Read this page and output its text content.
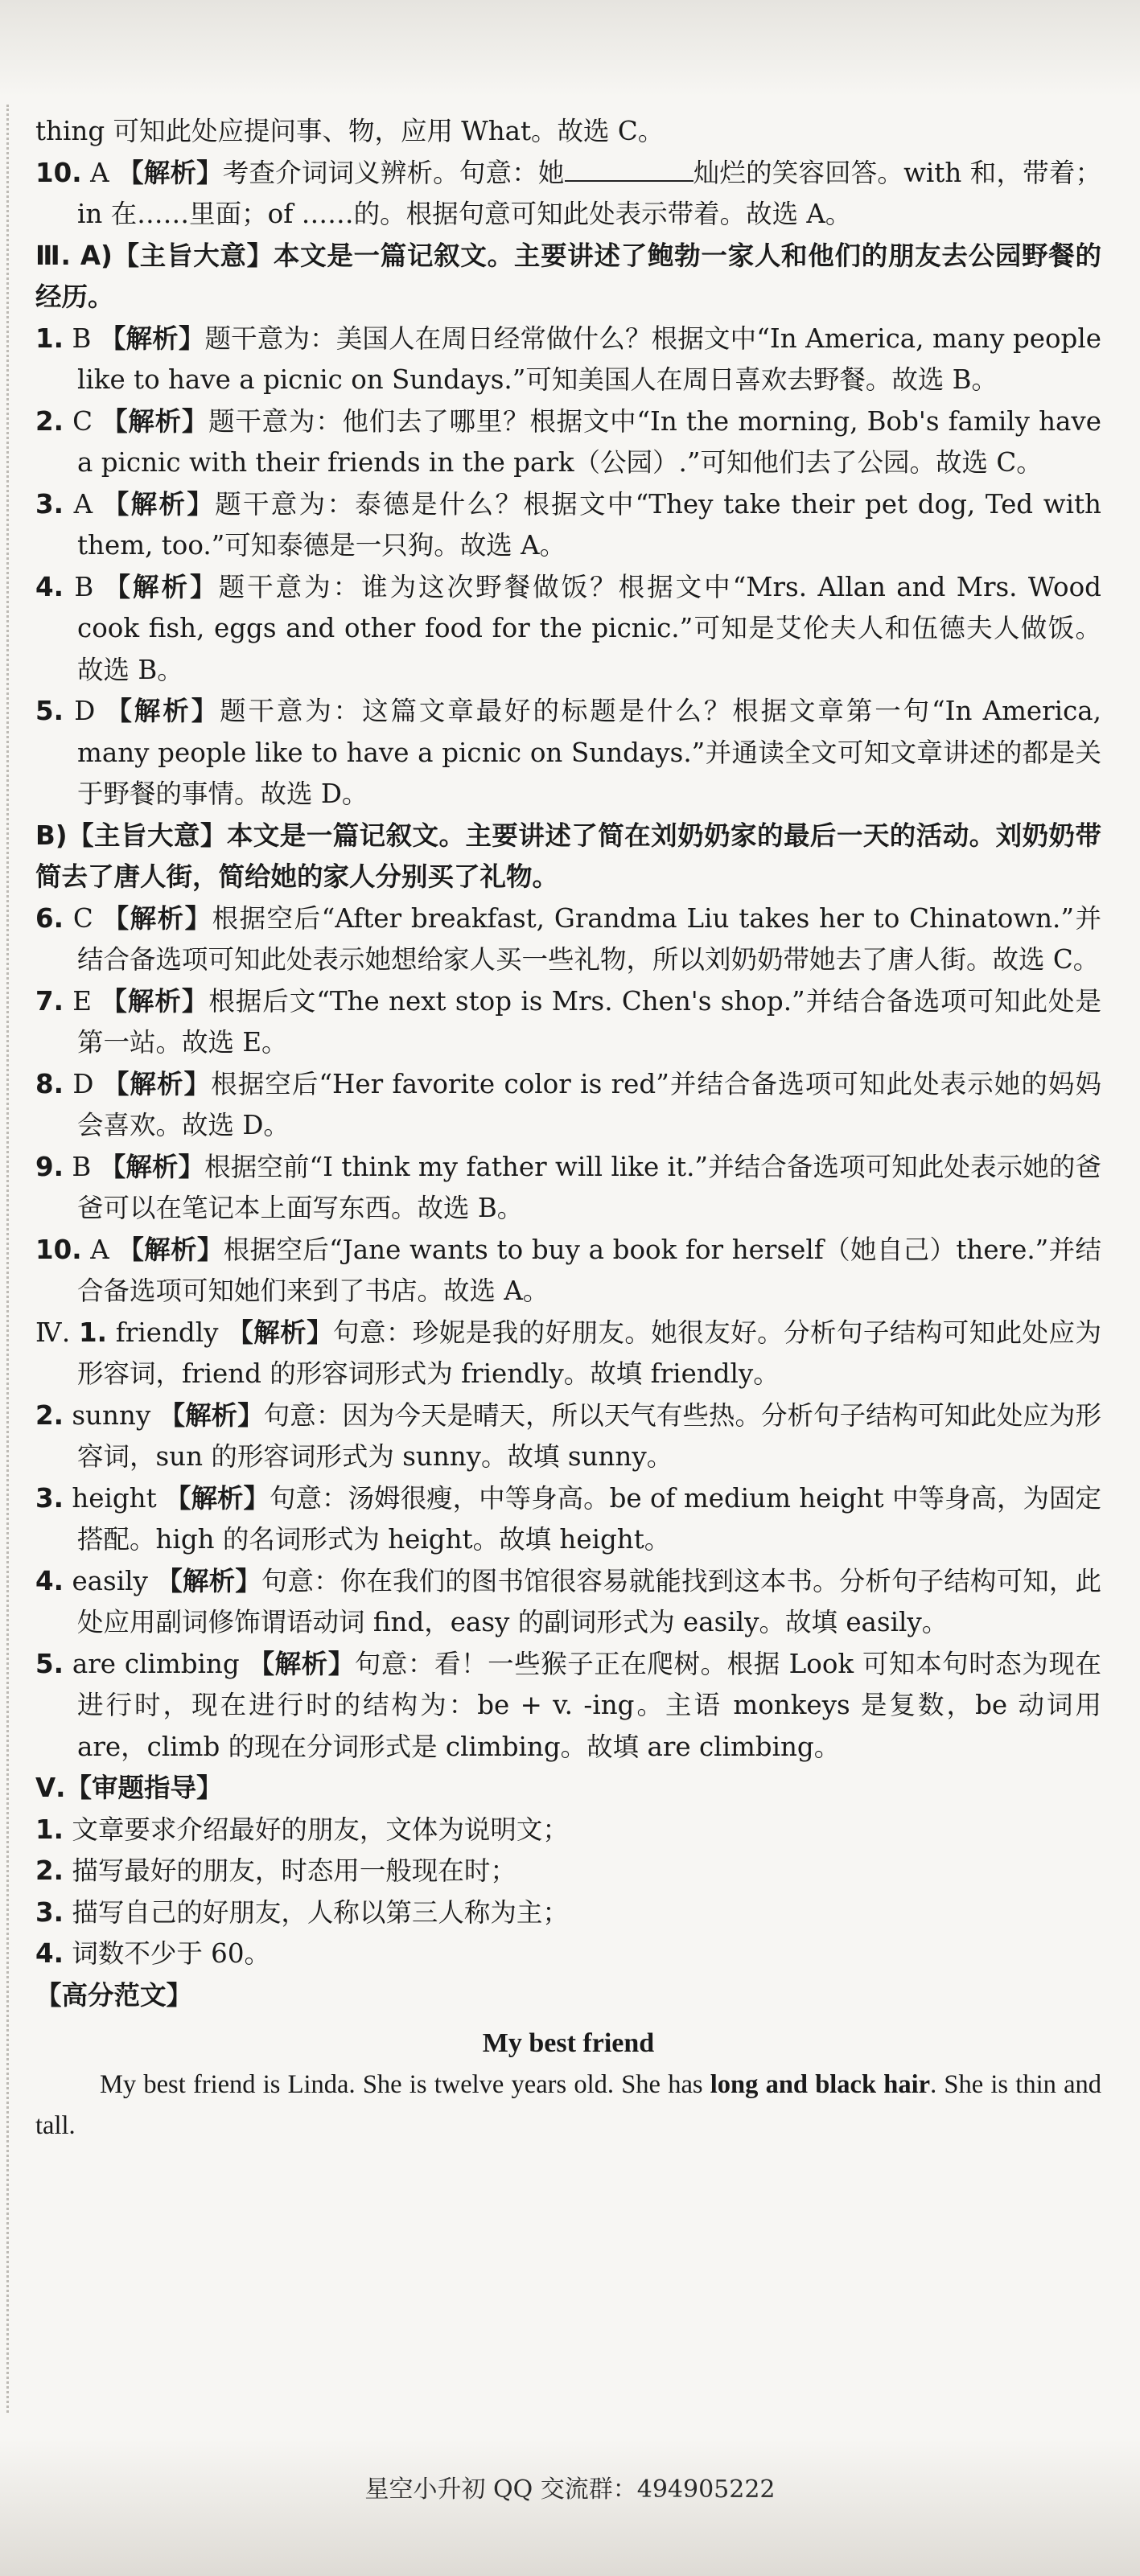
thing 可知此处应提问事、物，应用 What。故选 C。

10. A 【解析】考查介词词义辨析。句意：她	灿烂的笑容回答。with 和，带着；in 在……里面；of ……的。根据句意可知此处表示带着。故选 A。

Ⅲ. A)【主旨大意】本文是一篇记叙文。主要讲述了鲍勃一家人和他们的朋友去公园野餐的经历。

1. B 【解析】题干意为：美国人在周日经常做什么？根据文中“In America, many people like to have a picnic on Sundays.”可知美国人在周日喜欢去野餐。故选 B。

2. C 【解析】题干意为：他们去了哪里？根据文中“In the morning, Bob's family have a picnic with their friends in the park（公园）.”可知他们去了公园。故选 C。

3. A 【解析】题干意为：泰德是什么？根据文中“They take their pet dog, Ted with them, too.”可知泰德是一只狗。故选 A。

4. B 【解析】题干意为：谁为这次野餐做饭？根据文中“Mrs. Allan and Mrs. Wood cook fish, eggs and other food for the picnic.”可知是艾伦夫人和伍德夫人做饭。故选 B。

5. D 【解析】题干意为：这篇文章最好的标题是什么？根据文章第一句“In America, many people like to have a picnic on Sundays.”并通读全文可知文章讲述的都是关于野餐的事情。故选 D。

B)【主旨大意】本文是一篇记叙文。主要讲述了简在刘奶奶家的最后一天的活动。刘奶奶带简去了唐人街，简给她的家人分别买了礼物。

6. C 【解析】根据空后“After breakfast, Grandma Liu takes her to Chinatown.”并结合备选项可知此处表示她想给家人买一些礼物，所以刘奶奶带她去了唐人街。故选 C。

7. E 【解析】根据后文“The next stop is Mrs. Chen's shop.”并结合备选项可知此处是第一站。故选 E。

8. D 【解析】根据空后“Her favorite color is red”并结合备选项可知此处表示她的妈妈会喜欢。故选 D。

9. B 【解析】根据空前“I think my father will like it.”并结合备选项可知此处表示她的爸爸可以在笔记本上面写东西。故选 B。

10. A 【解析】根据空后“Jane wants to buy a book for herself（她自己）there.”并结合备选项可知她们来到了书店。故选 A。

Ⅳ. 1. friendly 【解析】句意：珍妮是我的好朋友。她很友好。分析句子结构可知此处应为形容词，friend 的形容词形式为 friendly。故填 friendly。

2. sunny 【解析】句意：因为今天是晴天，所以天气有些热。分析句子结构可知此处应为形容词，sun 的形容词形式为 sunny。故填 sunny。

3. height 【解析】句意：汤姆很瘦，中等身高。be of medium height 中等身高，为固定搭配。high 的名词形式为 height。故填 height。

4. easily 【解析】句意：你在我们的图书馆很容易就能找到这本书。分析句子结构可知，此处应用副词修饰谓语动词 find，easy 的副词形式为 easily。故填 easily。

5. are climbing 【解析】句意：看！一些猴子正在爬树。根据 Look 可知本句时态为现在进行时，现在进行时的结构为：be + v. -ing。主语 monkeys 是复数，be 动词用 are，climb 的现在分词形式是 climbing。故填 are climbing。

Ⅴ.【审题指导】

1. 文章要求介绍最好的朋友，文体为说明文；

2. 描写最好的朋友，时态用一般现在时；

3. 描写自己的好朋友，人称以第三人称为主；

4. 词数不少于 60。

【高分范文】

My best friend

My best friend is Linda. She is twelve years old. She has long and black hair. She is thin and tall.

星空小升初 QQ 交流群：494905222
